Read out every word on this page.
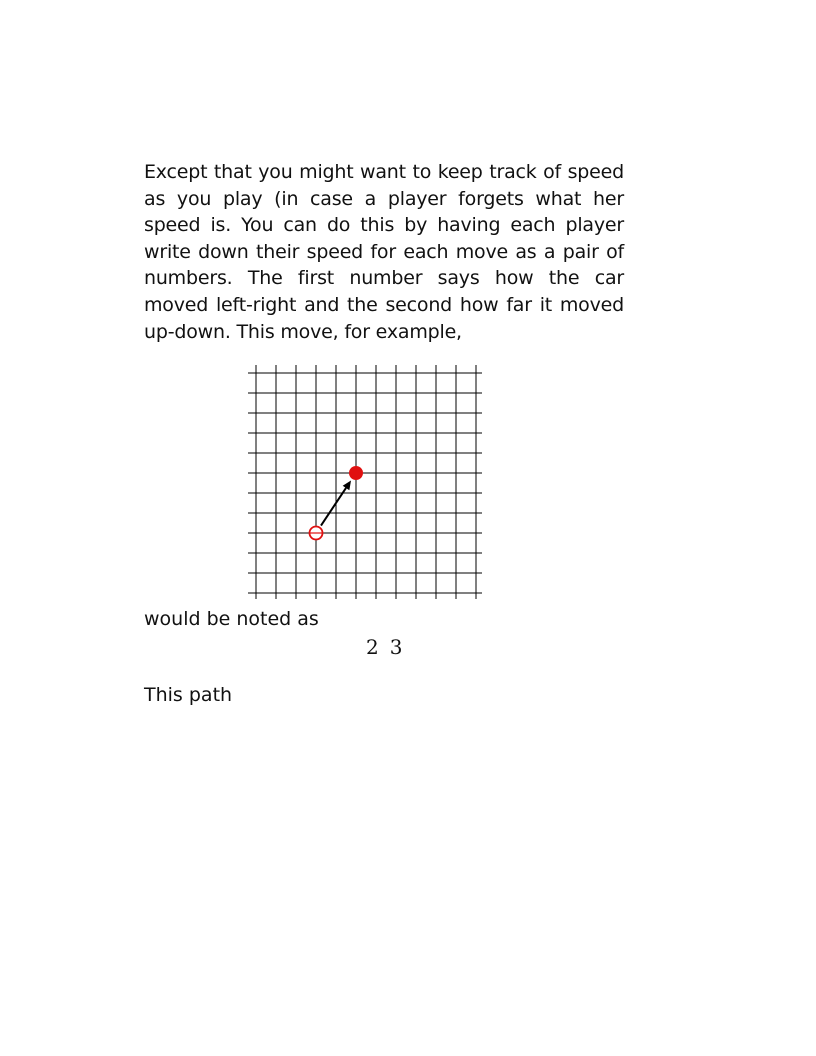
Except that you might want to keep track of speed as you play (in case a player forgets what her speed is. You can do this by having each player write down their speed for each move as a pair of numbers. The first number says how the car moved left-right and the second how far it moved up-down. This move, for example,
would be noted as
2 3
This path
